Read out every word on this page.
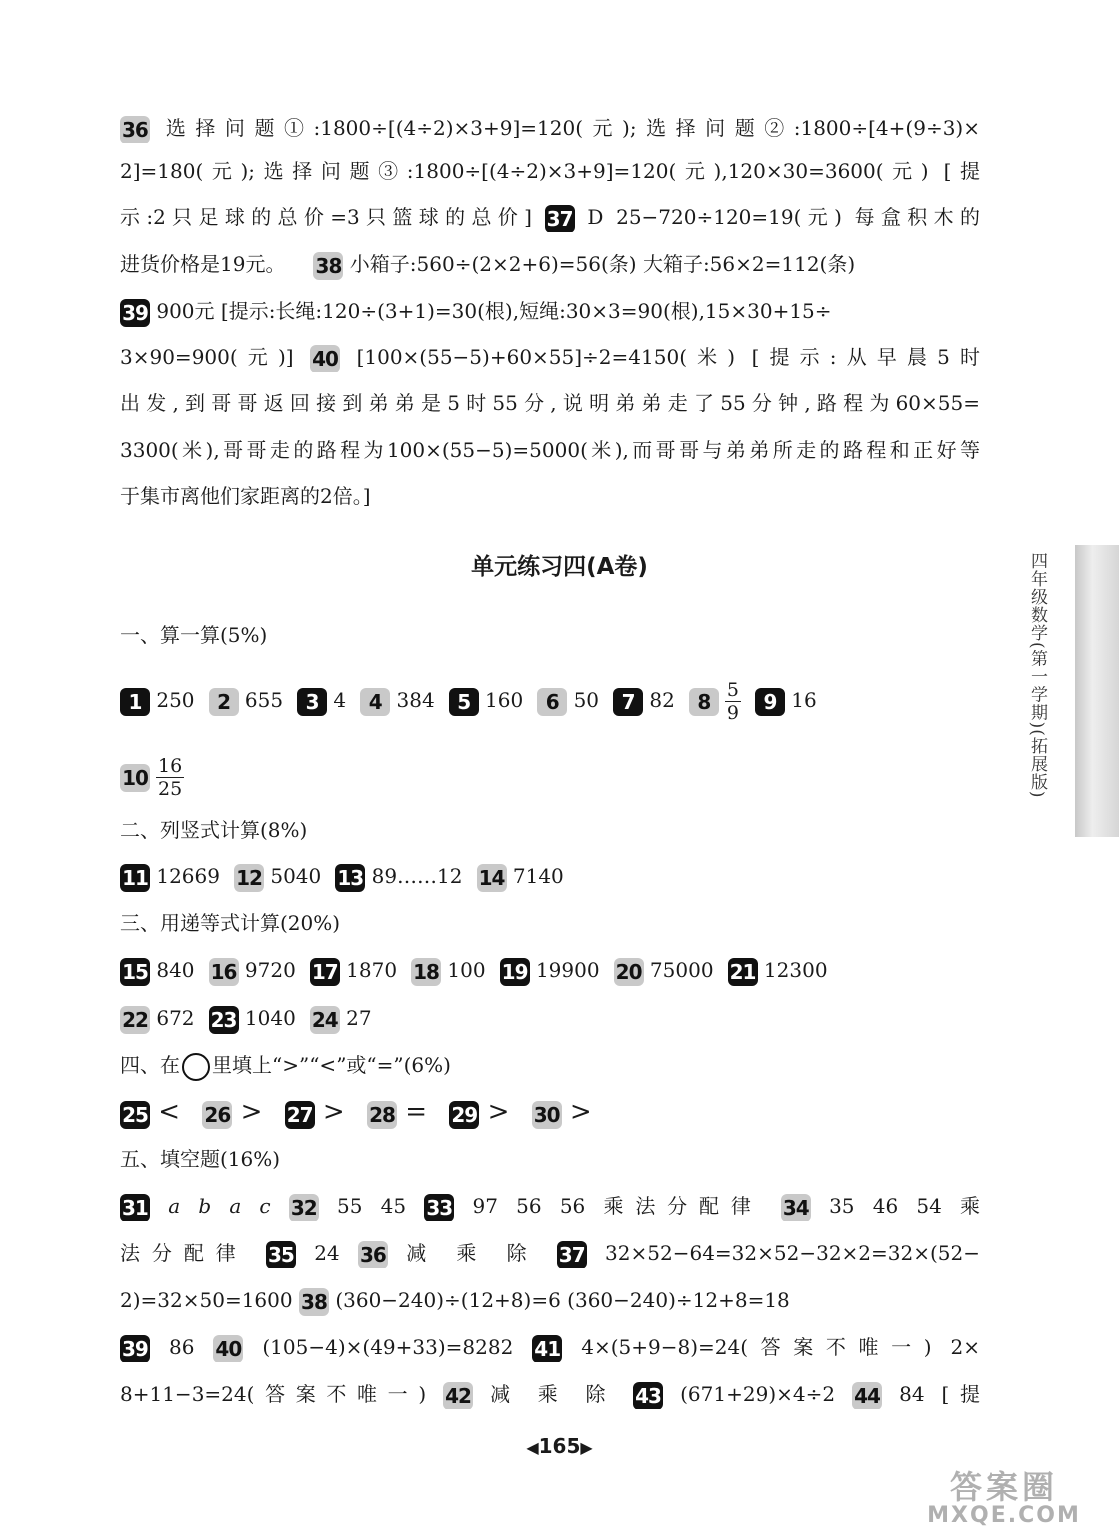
36 选择问题①:1800÷[(4÷2)×3+9]=120(元);选择问题②:1800÷[4+(9÷3)×
2]=180(元);选择问题③:1800÷[(4÷2)×3+9]=120(元),120×30=3600(元) [提
示:2只足球的总价=3只篮球的总价] 37 D 25−720÷120=19(元) 每盒积木的
进货价格是19元。 38 小箱子:560÷(2×2+6)=56(条) 大箱子:56×2=112(条)
39 900元 [提示:长绳:120÷(3+1)=30(根),短绳:30×3=90(根),15×30+15÷
3×90=900(元)] 40 [100×(55−5)+60×55]÷2=4150(米) [提示:从早晨5时
出发,到哥哥返回接到弟弟是5时55分,说明弟弟走了55分钟,路程为60×55=
3300(米),哥哥走的路程为100×(55−5)=5000(米),而哥哥与弟弟所走的路程和正好等
于集市离他们家距离的2倍。]
1 250 2 655 3 4 4 384 5 160 6 50 7 82 $8 \frac{5}{9} 9$ 16
$10 \frac{16}{25}$
11 12669 12 5040 13 89……12 14 7140
15 840 16 9720 17 1870 18 100 19 19900 20 75000 21 12300
22 672 23 1040 24 27
25 < 26 > 27 > 28 = 29 > 30 >
31 a b a c 32 55 45 33 97 56 56 乘法分配律 34 35 46 54 乘
法分配律 35 24 36 减 乘 除 37 32×52−64=32×52−32×2=32×(52−
2)=32×50=1600 38 (360−240)÷(12+8)=6 (360−240)÷12+8=18
39 86 40 (105−4)×(49+33)=8282 41 4×(5+9−8)=24(答案不唯一) 2×
8+11−3=24(答案不唯一) 42 减 乘 除 43 (671+29)×4÷2 44 84 [提
单元练习四(A卷)
一、算一算(5%)
二、列竖式计算(8%)
三、用递等式计算(20%)
四、在 里填上“>”“<”或“=”(6%)
五、填空题(16%)
◀165▶
四年级数学(第一学期)(拓展版)
答案圈
MXQE.COM
